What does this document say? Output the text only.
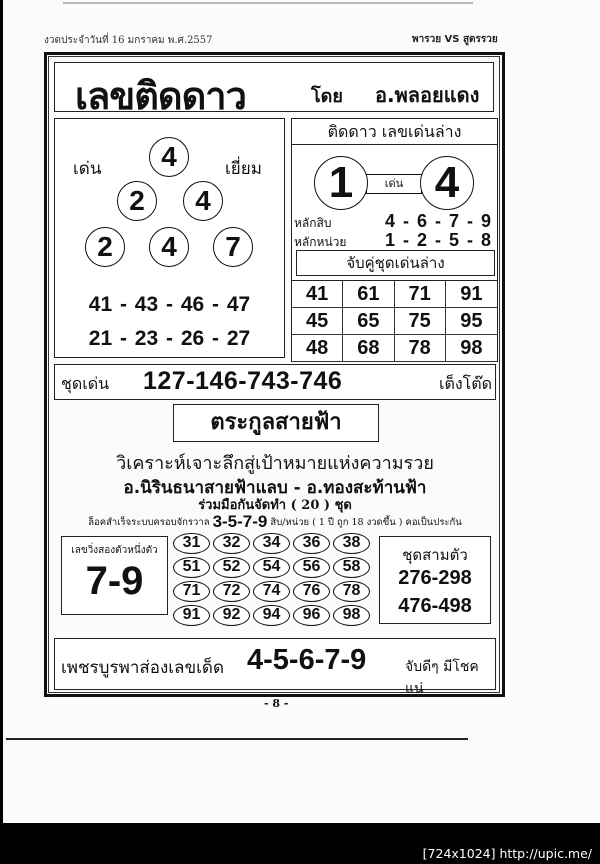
งวดประจำวันที่ 16 มกราคม พ.ศ.2557	พารวย VS สูตรรวย
เลขติดดาว	โดย อ.พลอยแดง
เด่น	เยี่ยม
4
2	4
2	4	7
41 - 43 - 46 - 47
21 - 23 - 26 - 27
ติดดาว เลขเด่นล่าง
เด่น
1	4
หลักสิบ	4 - 6 - 7 - 9
หลักหน่วย 1 - 2 - 5 - 8
จับคู่ชุดเด่นล่าง
41	61	71	91
45	65	75	95
48	68	78	98
ชุดเด่น 127-146-743-746	เต็งโต๊ด
ตระกูลสายฟ้า
วิเคราะห์เจาะลึกสู่เป้าหมายแห่งความรวย
อ.นิรินธนาสายฟ้าแลบ - อ.ทองสะท้านฟ้า
ร่วมมือกันจัดทำ ( 20 ) ชุด
ล็อคสำเร็จระบบครอบจักรวาล 3-5-7-9 สิบ/หน่วย ( 1 ปี ถูก 18 งวดขึ้น ) คอเป็นประกัน
เลขวิ่งสองตัวหนึ่งตัว
7-9
31	32	34	36	38
51	52	54	56	58
71	72	74	76	78
91	92	94	96	98
ชุดสามตัว
276-298
476-498
เพชรบูรพาส่องเลขเด็ด 4-5-6-7-9	จับดีๆ มีโชคแน่
- 8 -
[724x1024] http://upic.me/
